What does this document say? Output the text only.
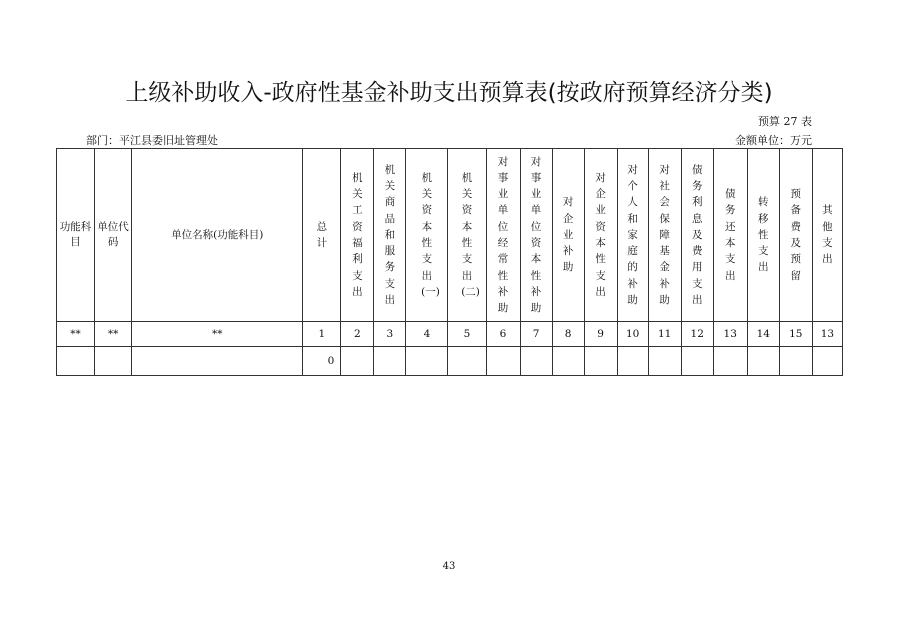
上级补助收入-政府性基金补助支出预算表(按政府预算经济分类)
预算 27 表
部门：平江县委旧址管理处	金额单位：万元
功能科目	单位代码	单位名称(功能科目)	总计	机关工资福利支出	机关商品和服务支出	机关资本性支出(一)	机关资本性支出(二)	对事业单位经常性补助	对事业单位资本性补助	对企业补助	对企业资本性支出	对个人和家庭的补助	对社会保障基金补助	债务利息及费用支出	债务还本支出	转移性支出	预备费及预留	其他支出
**	**	**	1	2	3	4	5	6	7	8	9	10	11	12	13	14	15	13
			0															
43
